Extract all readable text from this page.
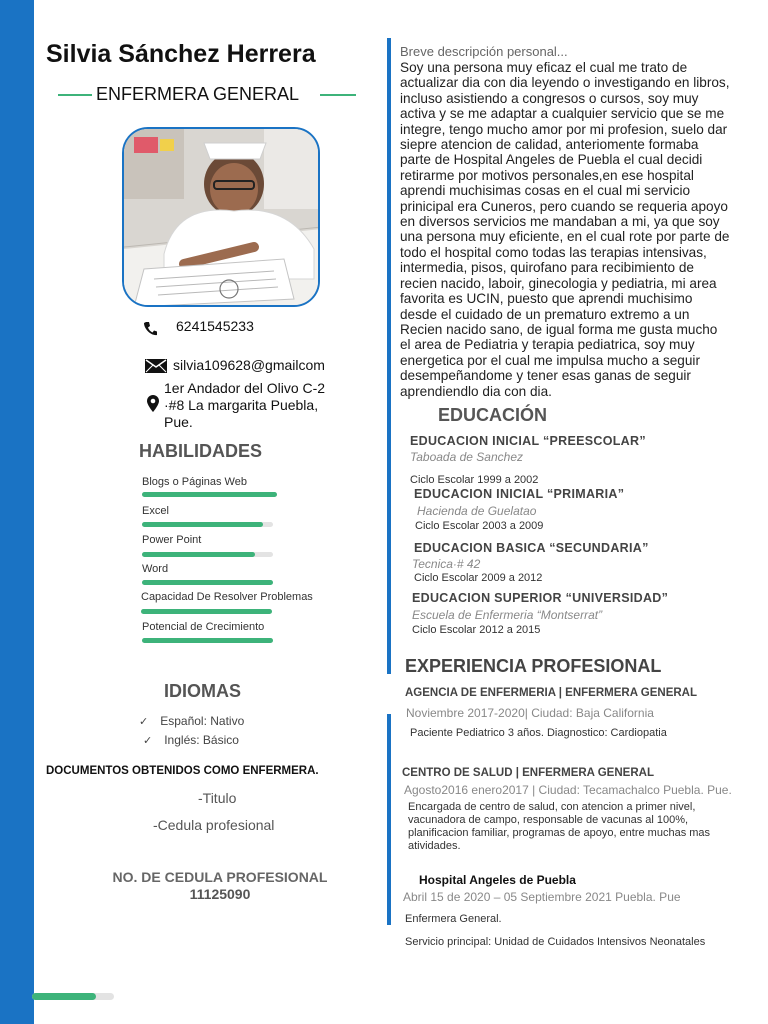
Silvia Sánchez Herrera
ENFERMERA GENERAL
6241545233
silvia109628@gmailcom
1er Andador del Olivo C-2
·#8 La margarita Puebla,
Pue.
HABILIDADES
Blogs o Páginas Web
Excel
Power Point
Word
Capacidad De Resolver Problemas
Potencial de Crecimiento
IDIOMAS
✓ Español: Nativo
✓ Inglés: Básico
DOCUMENTOS OBTENIDOS COMO ENFERMERA.
-Titulo
-Cedula profesional
NO. DE CEDULA PROFESIONAL
11125090
Breve descripción personal...
Soy una persona muy eficaz el cual me trato de actualizar dia con dia leyendo o investigando en libros, incluso asistiendo a congresos o cursos, soy muy activa y se me adaptar a cualquier servicio que se me integre, tengo mucho amor por mi profesion, suelo dar siepre atencion de calidad, anteriomente formaba parte de Hospital Angeles de Puebla el cual decidi retirarme por motivos personales,en ese hospital aprendi muchisimas cosas en el cual mi servicio prinicipal era Cuneros, pero cuando se requeria apoyo en diversos servicios me mandaban a mi, ya que soy una persona muy eficiente, en el cual rote por parte de todo el hospital como todas las terapias intensivas, intermedia, pisos, quirofano para recibimiento de recien nacido, laboir, ginecologia y pediatria, mi area favorita es UCIN, puesto que aprendi muchisimo desde el cuidado de un prematuro extremo a un Recien nacido sano, de igual forma me gusta mucho el area de Pediatria y terapia pediatrica, soy muy energetica por el cual me impulsa mucho a seguir desempeñandome y tener esas ganas de seguir aprendiendlo dia con dia.
EDUCACIÓN
EDUCACION INICIAL “PREESCOLAR”
Taboada de Sanchez
Ciclo Escolar 1999 a 2002
EDUCACION INICIAL “PRIMARIA”
Hacienda de Guelatao
Ciclo Escolar 2003 a 2009
EDUCACION BASICA “SECUNDARIA”
Tecnica·# 42
Ciclo Escolar 2009 a 2012
EDUCACION SUPERIOR “UNIVERSIDAD”
Escuela de Enfermeria “Montserrat”
Ciclo Escolar 2012 a 2015
EXPERIENCIA PROFESIONAL
AGENCIA DE ENFERMERIA | ENFERMERA GENERAL
Noviembre 2017-2020| Ciudad: Baja California
Paciente Pediatrico 3 años. Diagnostico: Cardiopatia
CENTRO DE SALUD | ENFERMERA GENERAL
Agosto2016 enero2017 | Ciudad: Tecamachalco Puebla. Pue.
Encargada de centro de salud, con atencion a primer nivel, vacunadora de campo, responsable de vacunas al 100%, planificacion familiar, programas de apoyo, entre muchas mas atividades.
Hospital Angeles de Puebla
Abril 15 de 2020 – 05 Septiembre 2021 Puebla. Pue
Enfermera General.
Servicio principal: Unidad de Cuidados Intensivos Neonatales
